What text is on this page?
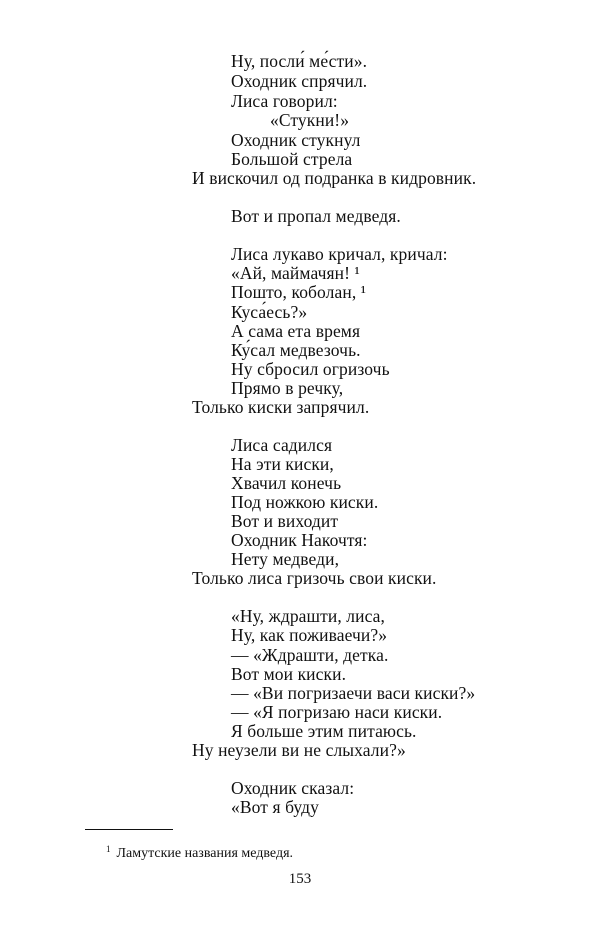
Ну, посли́ ме́сти».
Оходник спрячил.
Лиса говорил:
«Стукни!»
Оходник стукнул
Большой стрела
И вискочил од подранка в кидровник.
Вот и пропал медведя.
Лиса лукаво кричал, кричал:
«Ай, маймачян! ¹
Пошто, коболан, ¹
Куса́есь?»
А сама ета время
Ку́сал медвезочь.
Ну сбросил огризочь
Прямо в речку,
Только киски запрячил.
Лиса садился
На эти киски,
Хвачил конечь
Под ножкою киски.
Вот и виходит
Оходник Накочтя:
Нету медведи,
Только лиса гризочь свои киски.
«Ну, ждрашти, лиса,
Ну, как поживаечи?»
— «Ждрашти, детка.
Вот мои киски.
— «Ви погризаечи васи киски?»
— «Я погризаю наси киски.
Я больше этим питаюсь.
Ну неузели ви не слыхали?»
Оходник сказал:
«Вот я буду
$^1$ Ламутские названия медведя.
153
